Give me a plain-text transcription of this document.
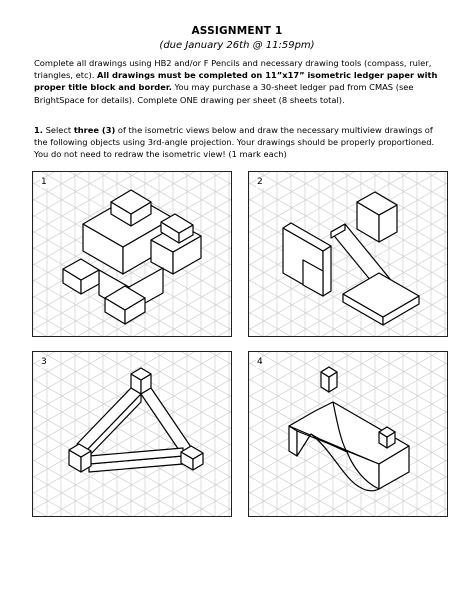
ASSIGNMENT 1
(due January 26th @ 11:59pm)
Complete all drawings using HB2 and/or F Pencils and necessary drawing tools (compass, ruler, triangles, etc). All drawings must be completed on 11”x17” isometric ledger paper with proper title block and border. You may purchase a 30-sheet ledger pad from CMAS (see BrightSpace for details). Complete ONE drawing per sheet (8 sheets total).
1. Select three (3) of the isometric views below and draw the necessary multiview drawings of the following objects using 3rd-angle projection. Your drawings should be properly proportioned. You do not need to redraw the isometric view! (1 mark each)
1	2
3	4
